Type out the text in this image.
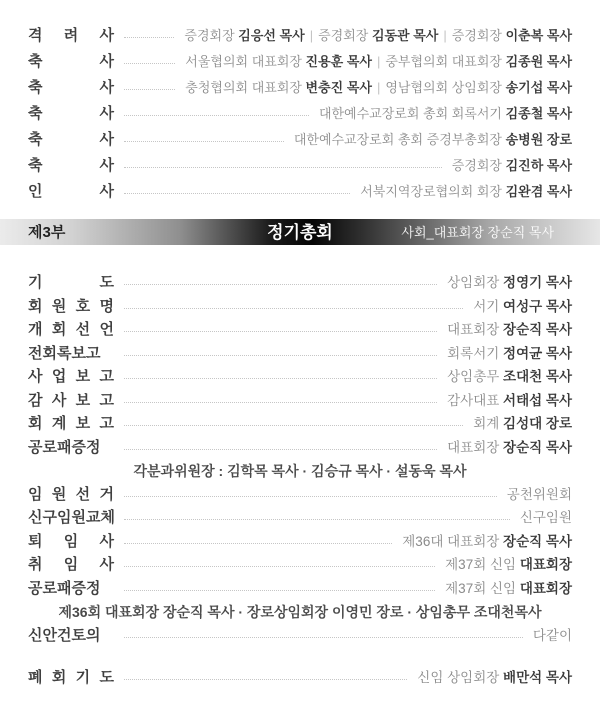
격 려 사	증경회장 김응선 목사 | 증경회장 김동관 목사 | 증경회장 이춘복 목사
축 사	서울협의회 대표회장 진용훈 목사 | 중부협의회 대표회장 김종원 목사
축 사	충청협의회 대표회장 변충진 목사 | 영남협의회 상임회장 송기섭 목사
축 사	대한예수교장로회 총회 회록서기 김종철 목사
축 사	대한예수교장로회 총회 증경부총회장 송병원 장로
축 사	증경회장 김진하 목사
인 사	서북지역장로협의회 회장 김완겸 목사
제3부	정기총회	사회_대표회장 장순직 목사
기 도	상임회장 정영기 목사
회 원 호 명	서기 여성구 목사
개 회 선 언	대표회장 장순직 목사
전회록보고	회록서기 정여균 목사
사 업 보 고	상임총무 조대천 목사
감 사 보 고	감사대표 서태섭 목사
회 계 보 고	회계 김성대 장로
공로패증정	대표회장 장순직 목사
각분과위원장 : 김학목 목사 · 김승규 목사 · 설동욱 목사
임 원 선 거	공천위원회
신구임원교체	신구임원
퇴 임 사	제36대 대표회장 장순직 목사
취 임 사	제37회 신임 대표회장
공로패증정	제37회 신임 대표회장
제36회 대표회장 장순직 목사 · 장로상임회장 이영민 장로 · 상임총무 조대천목사
신안건토의	다같이
폐 회 기 도	신임 상임회장 배만석 목사
